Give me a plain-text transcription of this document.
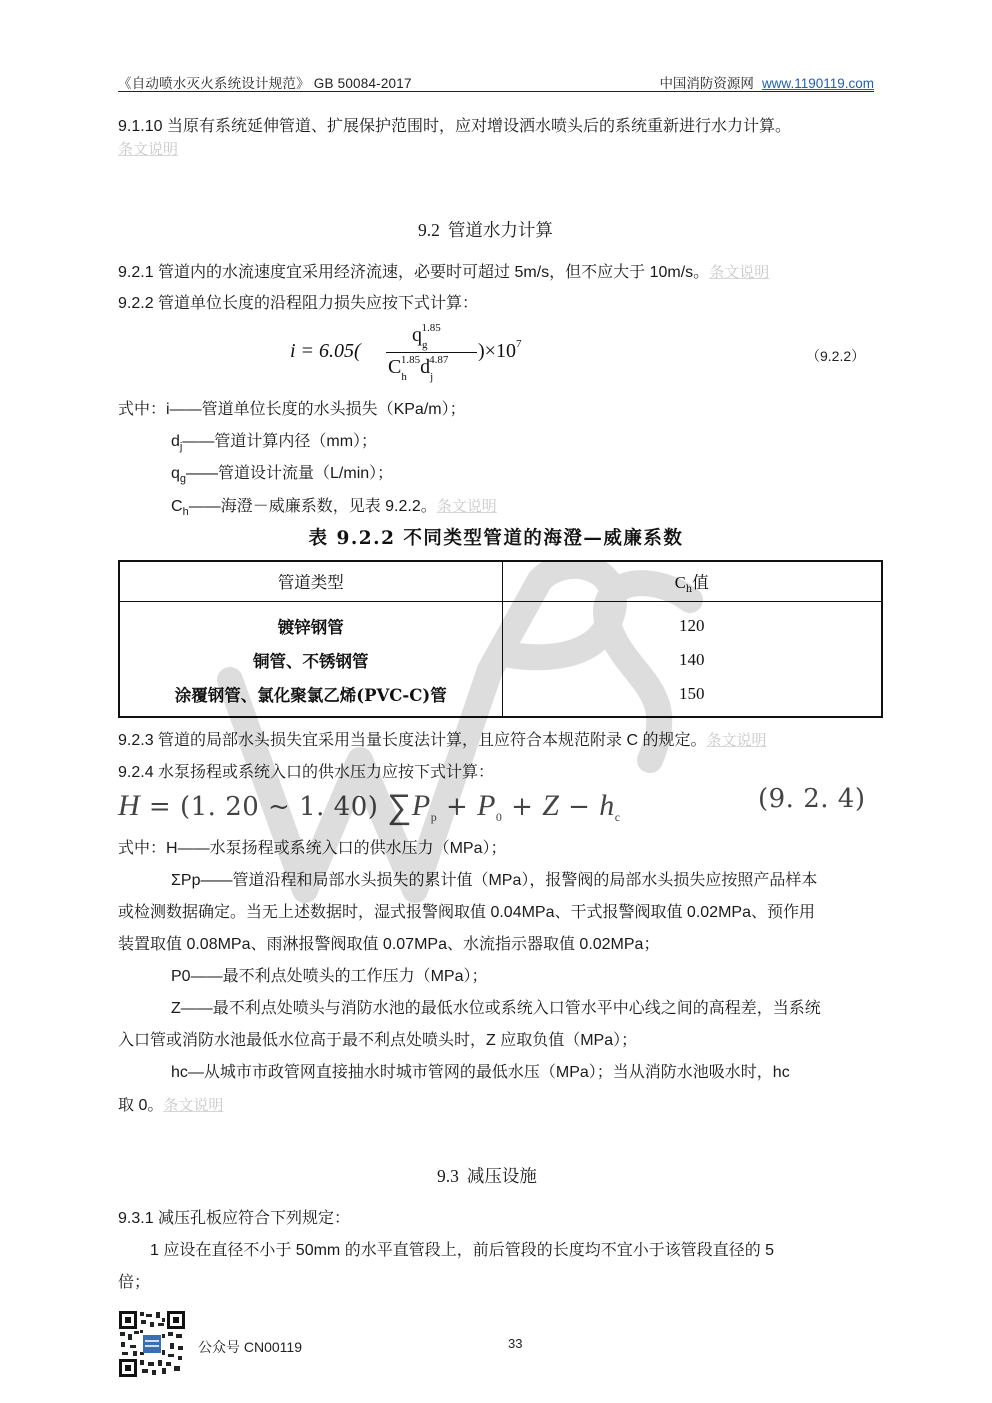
《自动喷水灭火系统设计规范》 GB 50084-2017	中国消防资源网 www.1190119.com
9.1.10 当原有系统延伸管道、扩展保护范围时，应对增设洒水喷头后的系统重新进行水力计算。
条文说明
9.2 管道水力计算
9.2.1 管道内的水流速度宜采用经济流速，必要时可超过 5m/s，但不应大于 10m/s。条文说明
9.2.2 管道单位长度的沿程阻力损失应按下式计算：
i = 6.05(
$q_g^{1.85}$
$C_h^{1.85}d_j^{4.87}$ )$\times 10^7$
（9.2.2）
式中：i——管道单位长度的水头损失（KPa/m）；
$d_j——$管道计算内径（mm）；
$q_g——$管道设计流量（L/min）；
$C_h——$海澄－威廉系数，见表 9.2.2。条文说明
表 9.2.2 不同类型管道的海澄—威廉系数
管道类型	$C_h$值
镀锌钢管	120
铜管、不锈钢管	140
涂覆钢管、氯化聚氯乙烯(PVC-C)管	150
9.2.3 管道的局部水头损失宜采用当量长度法计算，且应符合本规范附录 C 的规定。条文说明
9.2.4 水泵扬程或系统入口的供水压力应按下式计算：
H = (1. 20 ~ 1. 40) $\sum P_p + P_0 + Z - h_c$
(9. 2. 4)
式中：H——水泵扬程或系统入口的供水压力（MPa）；
ΣPp——管道沿程和局部水头损失的累计值（MPa），报警阀的局部水头损失应按照产品样本
或检测数据确定。当无上述数据时，湿式报警阀取值 0.04MPa、干式报警阀取值 0.02MPa、预作用
装置取值 0.08MPa、雨淋报警阀取值 0.07MPa、水流指示器取值 0.02MPa；
P0——最不利点处喷头的工作压力（MPa）；
Z——最不利点处喷头与消防水池的最低水位或系统入口管水平中心线之间的高程差，当系统
入口管或消防水池最低水位高于最不利点处喷头时，Z 应取负值（MPa）；
hc—从城市市政管网直接抽水时城市管网的最低水压（MPa）；当从消防水池吸水时，hc
取 0。条文说明
9.3 减压设施
9.3.1 减压孔板应符合下列规定：
1 应设在直径不小于 50mm 的水平直管段上，前后管段的长度均不宜小于该管段直径的 5
倍；
公众号 CN00119	33
